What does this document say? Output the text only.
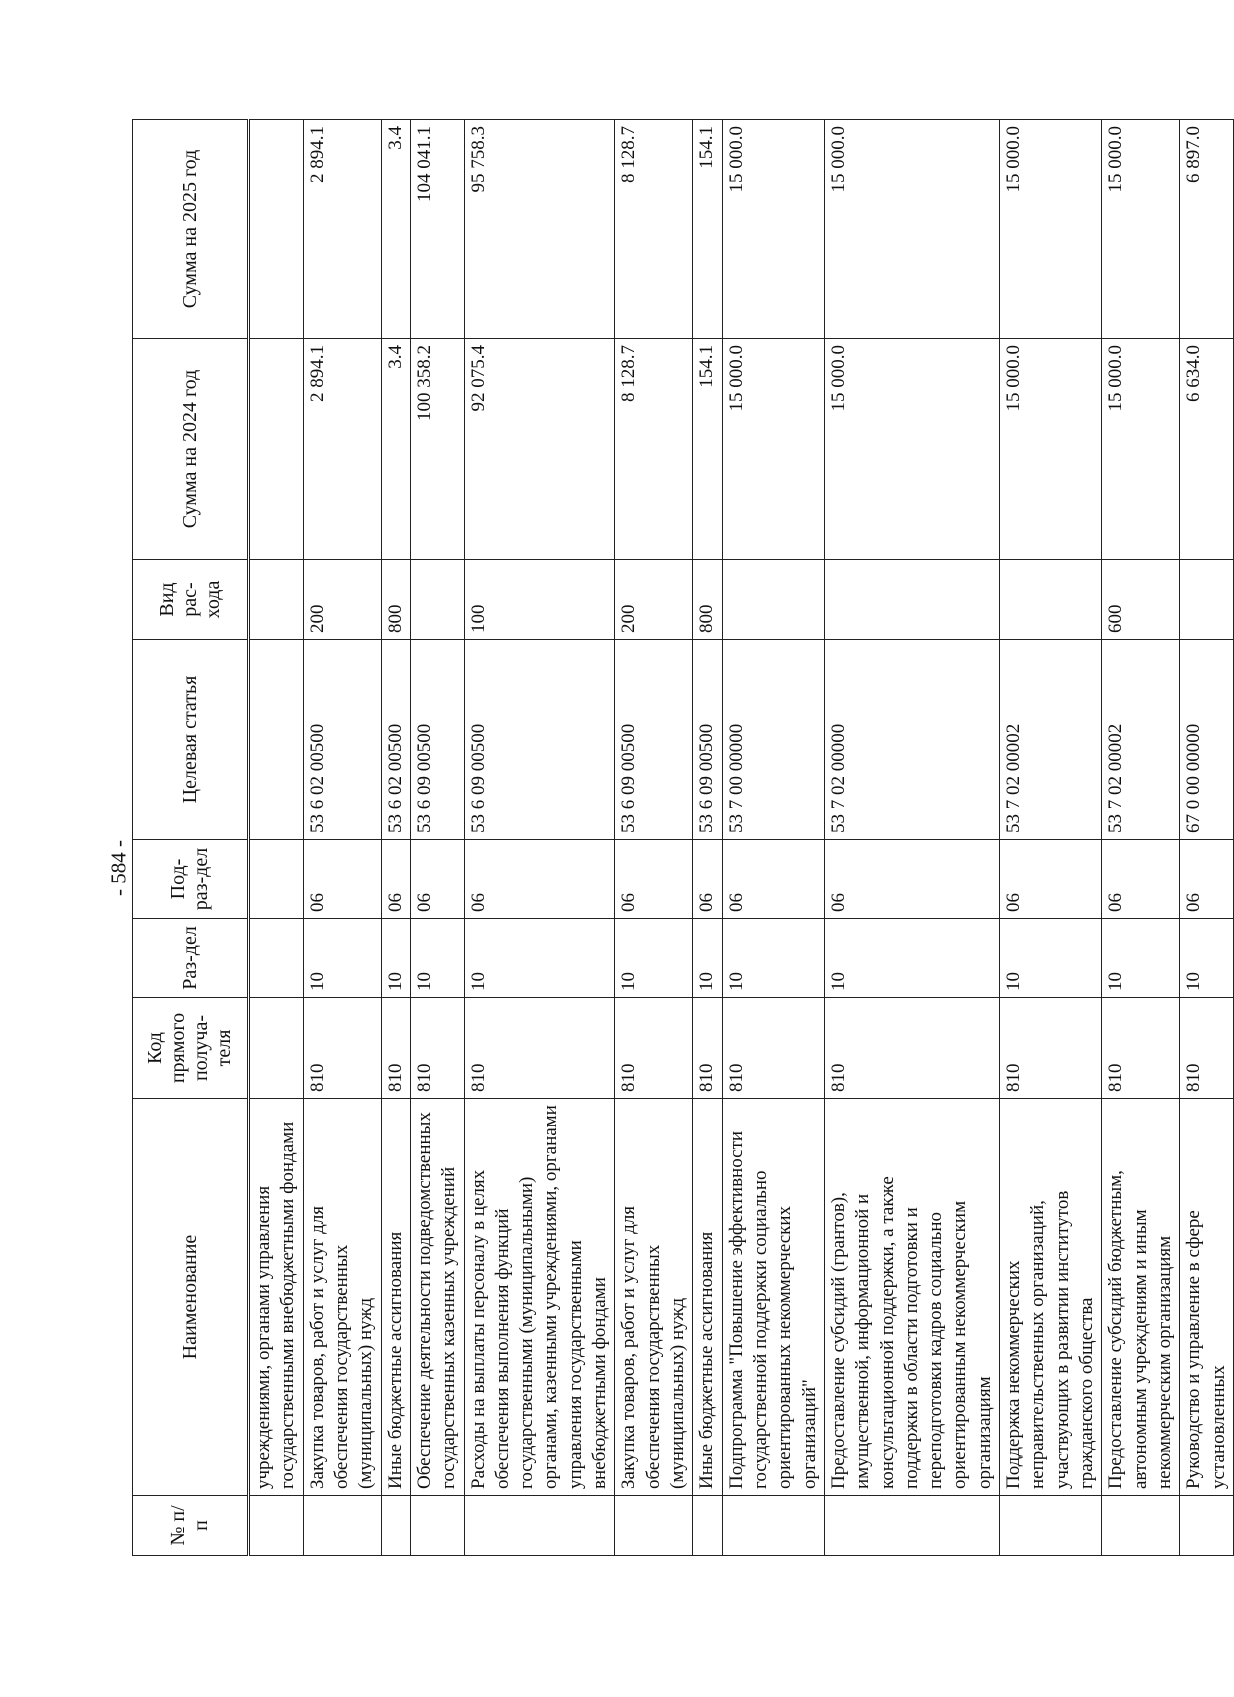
- 584 -
№ п/п	Наименование	Код прямого получа-теля	Раз-дел	Под-раз-дел	Целевая статья	Вид рас-хода	Сумма на 2024 год	Сумма на 2025 год
	учреждениями, органами управления государственными внебюджетными фондами							
	Закупка товаров, работ и услуг для обеспечения государственных (муниципальных) нужд	810	10	06	53 6 02 00500	200	2 894.1	2 894.1
	Иные бюджетные ассигнования	810	10	06	53 6 02 00500	800	3.4	3.4
	Обеспечение деятельности подведомственных государственных казенных учреждений	810	10	06	53 6 09 00500		100 358.2	104 041.1
	Расходы на выплаты персоналу в целях обеспечения выполнения функций государственными (муниципальными) органами, казенными учреждениями, органами управления государственными внебюджетными фондами	810	10	06	53 6 09 00500	100	92 075.4	95 758.3
	Закупка товаров, работ и услуг для обеспечения государственных (муниципальных) нужд	810	10	06	53 6 09 00500	200	8 128.7	8 128.7
	Иные бюджетные ассигнования	810	10	06	53 6 09 00500	800	154.1	154.1
	Подпрограмма "Повышение эффективности государственной поддержки социально ориентированных некоммерческих организаций"	810	10	06	53 7 00 00000		15 000.0	15 000.0
	Предоставление субсидий (грантов), имущественной, информационной и консультационной поддержки, а также поддержки в области подготовки и переподготовки кадров социально ориентированным некоммерческим организациям	810	10	06	53 7 02 00000		15 000.0	15 000.0
	Поддержка некоммерческих неправительственных организаций, участвующих в развитии институтов гражданского общества	810	10	06	53 7 02 00002		15 000.0	15 000.0
	Предоставление субсидий бюджетным, автономным учреждениям и иным некоммерческим организациям	810	10	06	53 7 02 00002	600	15 000.0	15 000.0
	Руководство и управление в сфере установленных	810	10	06	67 0 00 00000		6 634.0	6 897.0
